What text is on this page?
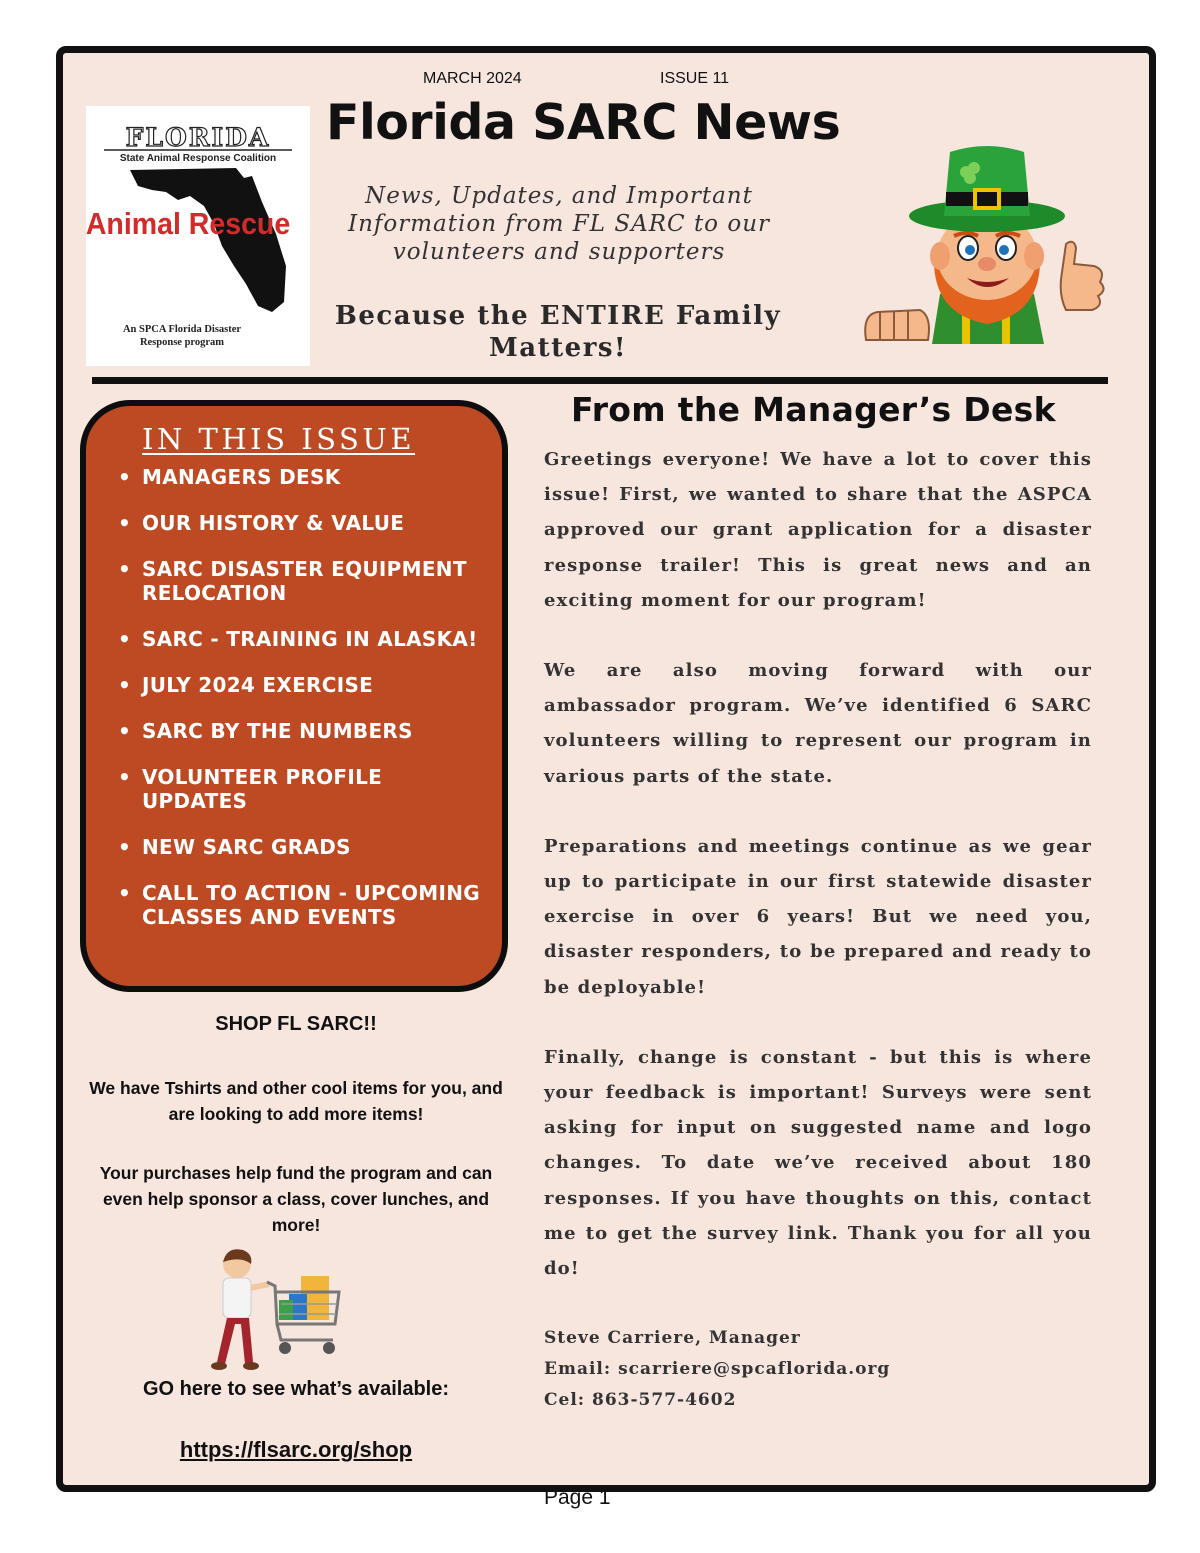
MARCH 2024	ISSUE 11
FLORIDA
State Animal Response Coalition
Animal Rescue
An SPCA Florida Disaster
Response program
Florida SARC News
News, Updates, and Important Information from FL SARC to our volunteers and supporters
Because the ENTIRE Family Matters!
IN THIS ISSUE
• MANAGERS DESK
• OUR HISTORY & VALUE
• SARC DISASTER EQUIPMENT RELOCATION
• SARC - TRAINING IN ALASKA!
• JULY 2024 EXERCISE
• SARC BY THE NUMBERS
• VOLUNTEER PROFILE UPDATES
• NEW SARC GRADS
• CALL TO ACTION - UPCOMING CLASSES AND EVENTS
SHOP FL SARC!!
We have Tshirts and other cool items for you, and are looking to add more items!
Your purchases help fund the program and can even help sponsor a class, cover lunches, and more!
GO here to see what’s available:
https://flsarc.org/shop
From the Manager’s Desk

Greetings everyone! We have a lot to cover this issue! First, we wanted to share that the ASPCA approved our grant application for a disaster response trailer! This is great news and an exciting moment for our program!

We are also moving forward with our ambassador program. We’ve identified 6 SARC volunteers willing to represent our program in various parts of the state.

Preparations and meetings continue as we gear up to participate in our first statewide disaster exercise in over 6 years! But we need you, disaster responders, to be prepared and ready to be deployable!

Finally, change is constant - but this is where your feedback is important! Surveys were sent asking for input on suggested name and logo changes. To date we’ve received about 180 responses. If you have thoughts on this, contact me to get the survey link. Thank you for all you do!

Steve Carriere, Manager
Email: scarriere@spcaflorida.org
Cel: 863-577-4602
Page 1
